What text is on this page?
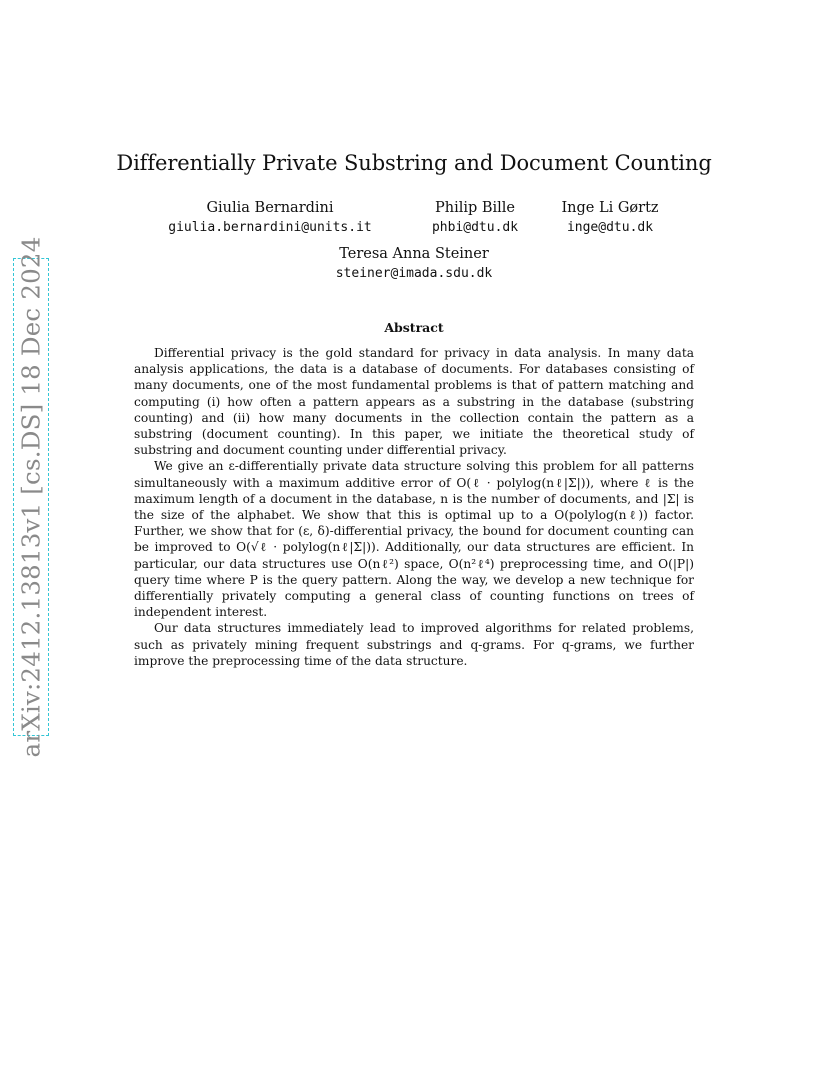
arXiv:2412.13813v1 [cs.DS] 18 Dec 2024
Differentially Private Substring and Document Counting
Giulia Bernardini
giulia.bernardini@units.it
Philip Bille
phbi@dtu.dk
Inge Li Gørtz
inge@dtu.dk
Teresa Anna Steiner
steiner@imada.sdu.dk
Abstract

Differential privacy is the gold standard for privacy in data analysis. In many data analysis applications, the data is a database of documents. For databases consisting of many documents, one of the most fundamental problems is that of pattern matching and computing (i) how often a pattern appears as a substring in the database (substring counting) and (ii) how many documents in the collection contain the pattern as a substring (document counting). In this paper, we initiate the theoretical study of substring and document counting under differential privacy.

We give an ε-differentially private data structure solving this problem for all patterns simultaneously with a maximum additive error of O(ℓ · polylog(nℓ|Σ|)), where ℓ is the maximum length of a document in the database, n is the number of documents, and |Σ| is the size of the alphabet. We show that this is optimal up to a O(polylog(nℓ)) factor. Further, we show that for (ε, δ)-differential privacy, the bound for document counting can be improved to O(√ℓ · polylog(nℓ|Σ|)). Additionally, our data structures are efficient. In particular, our data structures use O(nℓ²) space, O(n²ℓ⁴) preprocessing time, and O(|P|) query time where P is the query pattern. Along the way, we develop a new technique for differentially privately computing a general class of counting functions on trees of independent interest.

Our data structures immediately lead to improved algorithms for related problems, such as privately mining frequent substrings and q-grams. For q-grams, we further improve the preprocessing time of the data structure.
